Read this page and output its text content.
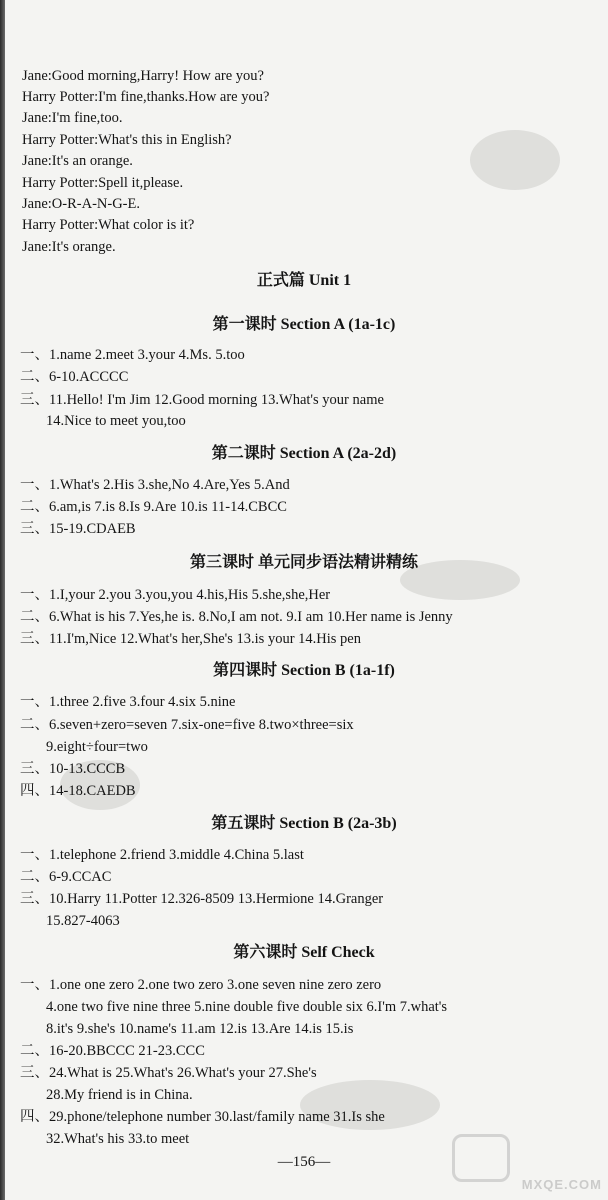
Jane:Good morning,Harry! How are you?
Harry Potter:I'm fine,thanks.How are you?
Jane:I'm fine,too.
Harry Potter:What's this in English?
Jane:It's an orange.
Harry Potter:Spell it,please.
Jane:O-R-A-N-G-E.
Harry Potter:What color is it?
Jane:It's orange.
正式篇 Unit 1
第一课时 Section A (1a-1c)
一、1.name 2.meet 3.your 4.Ms. 5.too
二、6-10.ACCCC
三、11.Hello! I'm Jim 12.Good morning 13.What's your name
14.Nice to meet you,too
第二课时 Section A (2a-2d)
一、1.What's 2.His 3.she,No 4.Are,Yes 5.And
二、6.am,is 7.is 8.Is 9.Are 10.is 11-14.CBCC
三、15-19.CDAEB
第三课时 单元同步语法精讲精练
一、1.I,your 2.you 3.you,you 4.his,His 5.she,she,Her
二、6.What is his 7.Yes,he is. 8.No,I am not. 9.I am 10.Her name is Jenny
三、11.I'm,Nice 12.What's her,She's 13.is your 14.His pen
第四课时 Section B (1a-1f)
一、1.three 2.five 3.four 4.six 5.nine
二、6.seven+zero=seven 7.six-one=five 8.two×three=six
9.eight÷four=two
三、10-13.CCCB
四、14-18.CAEDB
第五课时 Section B (2a-3b)
一、1.telephone 2.friend 3.middle 4.China 5.last
二、6-9.CCAC
三、10.Harry 11.Potter 12.326-8509 13.Hermione 14.Granger
15.827-4063
第六课时 Self Check
一、1.one one zero 2.one two zero 3.one seven nine zero zero
4.one two five nine three 5.nine double five double six 6.I'm 7.what's
8.it's 9.she's 10.name's 11.am 12.is 13.Are 14.is 15.is
二、16-20.BBCCC 21-23.CCC
三、24.What is 25.What's 26.What's your 27.She's
28.My friend is in China.
四、29.phone/telephone number 30.last/family name 31.Is she
32.What's his 33.to meet
—156—
MXQE.COM
